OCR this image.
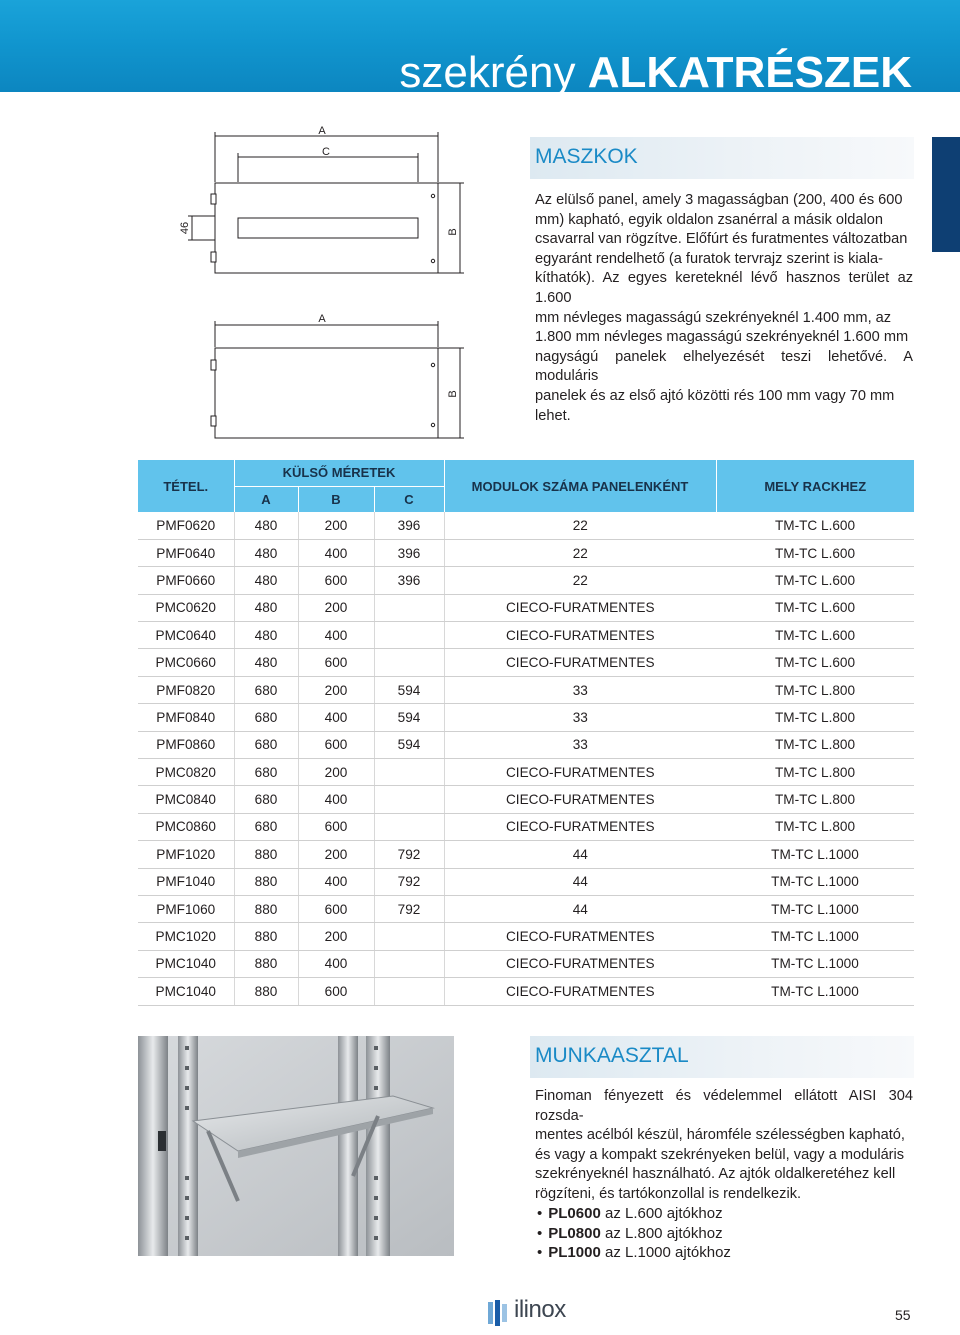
szekrény ALKATRÉSZEK
A
C
A
B
B
46
MASZKOK
Az elülső panel, amely 3 magasságban (200, 400 és 600
mm) kapható, egyik oldalon zsanérral a másik oldalon
csavarral van rögzítve. Előfúrt és furatmentes változatban
egyaránt rendelhető (a furatok tervrajz szerint is kiala-
kíthatók). Az egyes kereteknél lévő hasznos terület az 1.600
mm névleges magasságú szekrényeknél 1.400 mm, az
1.800 mm névleges magasságú szekrényeknél 1.600 mm
nagyságú panelek elhelyezését teszi lehetővé. A moduláris
panelek és az első ajtó közötti rés 100 mm vagy 70 mm
lehet.
TÉTEL.	KÜLSŐ MÉRETEK			MODULOK SZÁMA PANELENKÉNT	MELY RACKHEZ
	A	B	C		
PMF0620	480	200	396	22	TM-TC L.600
PMF0640	480	400	396	22	TM-TC L.600
PMF0660	480	600	396	22	TM-TC L.600
PMC0620	480	200		CIECO-FURATMENTES	TM-TC L.600
PMC0640	480	400		CIECO-FURATMENTES	TM-TC L.600
PMC0660	480	600		CIECO-FURATMENTES	TM-TC L.600
PMF0820	680	200	594	33	TM-TC L.800
PMF0840	680	400	594	33	TM-TC L.800
PMF0860	680	600	594	33	TM-TC L.800
PMC0820	680	200		CIECO-FURATMENTES	TM-TC L.800
PMC0840	680	400		CIECO-FURATMENTES	TM-TC L.800
PMC0860	680	600		CIECO-FURATMENTES	TM-TC L.800
PMF1020	880	200	792	44	TM-TC L.1000
PMF1040	880	400	792	44	TM-TC L.1000
PMF1060	880	600	792	44	TM-TC L.1000
PMC1020	880	200		CIECO-FURATMENTES	TM-TC L.1000
PMC1040	880	400		CIECO-FURATMENTES	TM-TC L.1000
PMC1040	880	600		CIECO-FURATMENTES	TM-TC L.1000
MUNKAASZTAL
Finoman fényezett és védelemmel ellátott AISI 304 rozsda-
mentes acélból készül, háromféle szélességben kapható,
és vagy a kompakt szekrényeken belül, vagy a moduláris
szekrényeknél használható. Az ajtók oldalkeretéhez kell
rögzíteni, és tartókonzollal is rendelkezik.
• PL0600 az L.600 ajtókhoz
• PL0800 az L.800 ajtókhoz
• PL1000 az L.1000 ajtókhoz
ilinox	55
